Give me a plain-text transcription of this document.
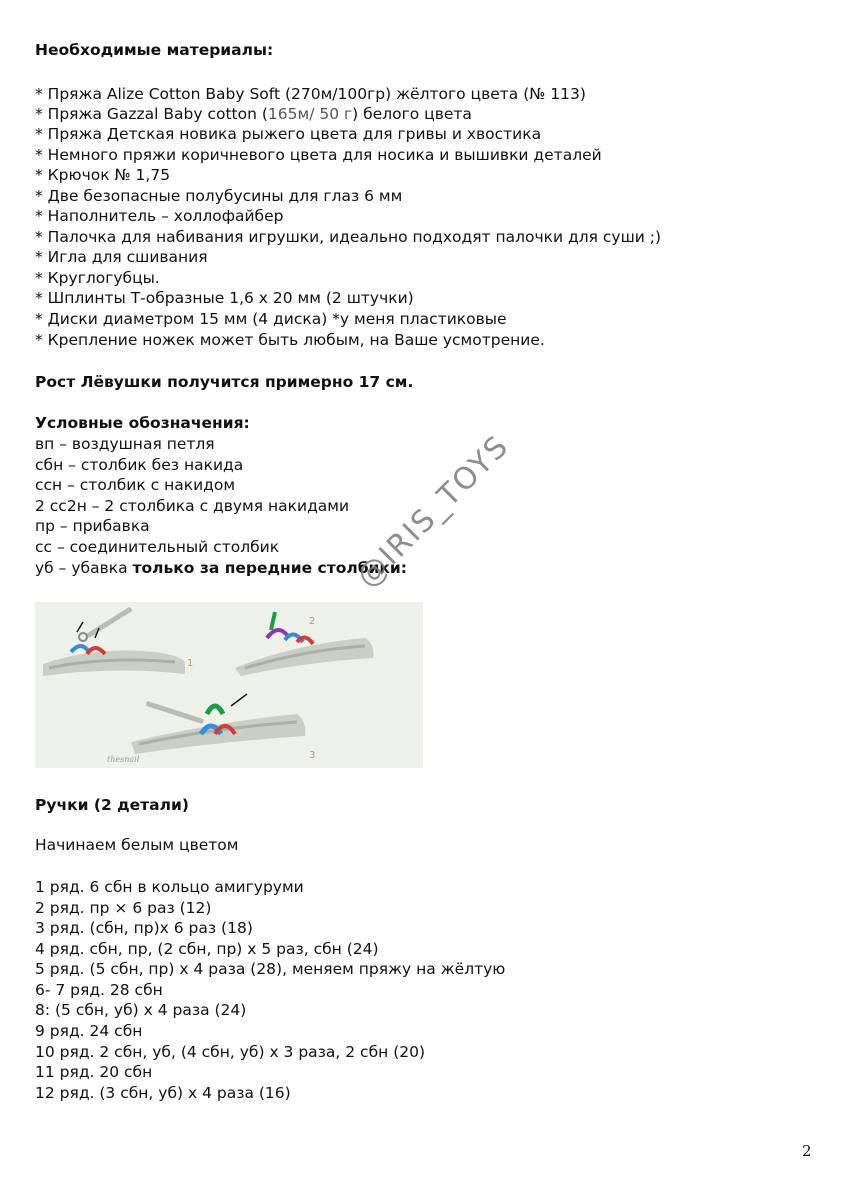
Необходимые материалы:
* Пряжа Alize Cotton Baby Soft (270м/100гр) жёлтого цвета (№ 113)
* Пряжа Gazzal Baby cotton (165м/ 50 г) белого цвета
* Пряжа Детская новика рыжего цвета для гривы и хвостика
* Немного пряжи коричневого цвета для носика и вышивки деталей
* Крючок № 1,75
* Две безопасные полубусины для глаз 6 мм
* Наполнитель – холлофайбер
* Палочка для набивания игрушки, идеально подходят палочки для суши ;)
* Игла для сшивания
* Круглогубцы.
* Шплинты Т-образные 1,6 х 20 мм (2 штучки)
* Диски диаметром 15 мм (4 диска) *у меня пластиковые
* Крепление ножек может быть любым, на Ваше усмотрение.
Рост Лёвушки получится примерно 17 см.
Условные обозначения:
вп – воздушная петля
сбн – столбик без накида
ссн – столбик с накидом
2 сс2н – 2 столбика с двумя накидами
пр – прибавка
сс – соединительный столбик
уб – убавка только за передние столбики:
1
2
3
thesnail
@IRIS_TOYS
Ручки (2 детали)
Начинаем белым цветом
1 ряд. 6 сбн в кольцо амигуруми
2 ряд. пр × 6 раз (12)
3 ряд. (сбн, пр)х 6 раз (18)
4 ряд. сбн, пр, (2 сбн, пр) х 5 раз, сбн (24)
5 ряд. (5 сбн, пр) х 4 раза (28), меняем пряжу на жёлтую
6- 7 ряд. 28 сбн
8: (5 сбн, уб) х 4 раза (24)
9 ряд. 24 сбн
10 ряд. 2 сбн, уб, (4 сбн, уб) х 3 раза, 2 сбн (20)
11 ряд. 20 сбн
12 ряд. (3 сбн, уб) х 4 раза (16)
2
